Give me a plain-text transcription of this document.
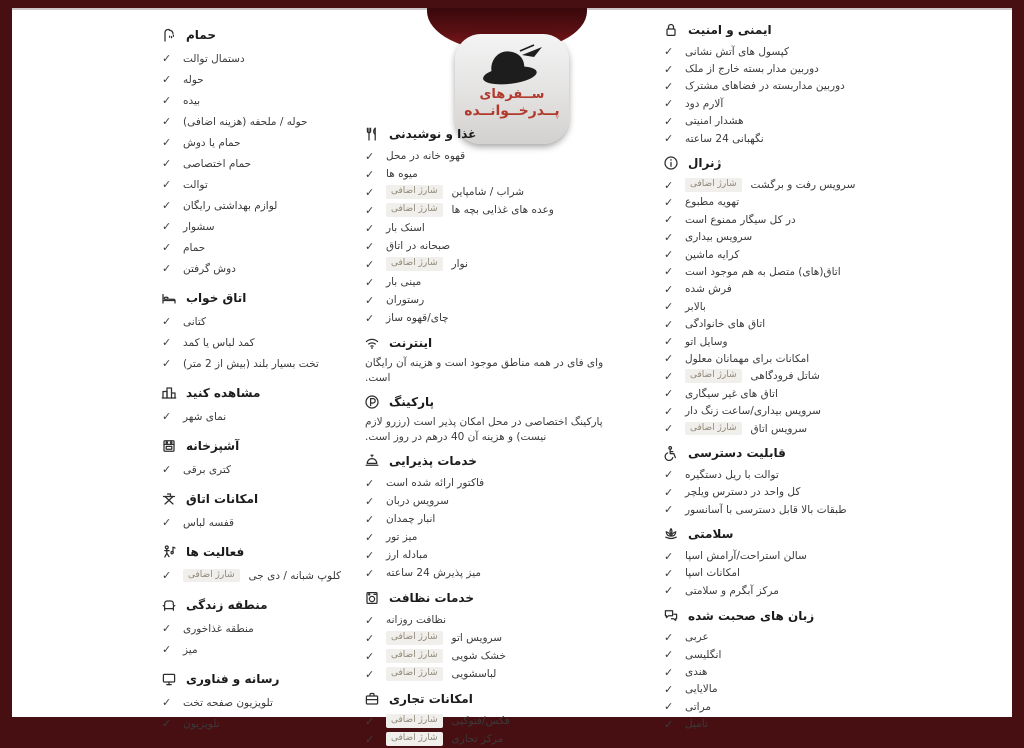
ســفرهای
پــدرخــوانــده
حمام
✓ دستمال توالت
✓ حوله
✓ بیده
✓ حوله / ملحفه (هزینه اضافی)
✓ حمام یا دوش
✓ حمام اختصاصی
✓ توالت
✓ لوازم بهداشتی رایگان
✓ سشوار
✓ حمام
✓ دوش گرفتن
اتاق خواب
✓ کتانی
✓ کمد لباس یا کمد
✓ تخت بسیار بلند (بیش از 2 متر)
مشاهده کنید
✓ نمای شهر
آشپزخانه
✓ کتری برقی
امکانات اتاق
✓ قفسه لباس
فعالیت ها
✓	شارژ اضافی	کلوپ شبانه / دی جی
منطقه زندگی
✓ منطقه غذاخوری
✓ میز
رسانه و فناوری
✓ تلویزیون صفحه تخت
✓ تلویزیون
غذا و نوشیدنی
✓ قهوه خانه در محل
✓ میوه ها
✓	شارژ اضافی	شراب / شامپاین
✓	شارژ اضافی	وعده های غذایی بچه ها
✓ اسنک بار
✓ صبحانه در اتاق
✓	شارژ اضافی	نوار
✓ مینی بار
✓ رستوران
✓ چای/قهوه ساز
اینترنت

وای فای در همه مناطق موجود است و هزینه آن رایگان است.

پارکینگ

پارکینگ اختصاصی در محل امکان پذیر است (رزرو لازم نیست) و هزینه آن 40 درهم در روز است.

خدمات پذیرایی
✓ فاکتور ارائه شده است
✓ سرویس دربان
✓ انبار چمدان
✓ میز تور
✓ مبادله ارز
✓ میز پذیرش 24 ساعته
خدمات نظافت
✓ نظافت روزانه
✓	شارژ اضافی	سرویس اتو
✓	شارژ اضافی	خشک شویی
✓	شارژ اضافی	لباسشویی
امکانات تجاری
✓	شارژ اضافی	فکس/فتوکپی
✓	شارژ اضافی	مرکز تجاری
ایمنی و امنیت
✓ کپسول های آتش نشانی
✓ دوربین مدار بسته خارج از ملک
✓ دوربین مداربسته در فضاهای مشترک
✓ آلارم دود
✓ هشدار امنیتی
✓ نگهبانی 24 ساعته
ژنرال
✓	شارژ اضافی	سرویس رفت و برگشت
✓ تهویه مطبوع
✓ در کل سیگار ممنوع است
✓ سرویس بیداری
✓ کرایه ماشین
✓ اتاق(های) متصل به هم موجود است
✓ فرش شده
✓ بالابر
✓ اتاق های خانوادگی
✓ وسایل اتو
✓ امکانات برای مهمانان معلول
✓	شارژ اضافی	شاتل فرودگاهی
✓ اتاق های غیر سیگاری
✓ سرویس بیداری/ساعت زنگ دار
✓	شارژ اضافی	سرویس اتاق
قابلیت دسترسی
✓ توالت با ریل دستگیره
✓ کل واحد در دسترس ویلچر
✓ طبقات بالا قابل دسترسی با آسانسور
سلامتی
✓ سالن استراحت/آرامش اسپا
✓ امکانات اسپا
✓ مرکز آبگرم و سلامتی
زبان های صحبت شده
✓ عربی
✓ انگلیسی
✓ هندی
✓ مالایایی
✓ مراتی
✓ تامیل
